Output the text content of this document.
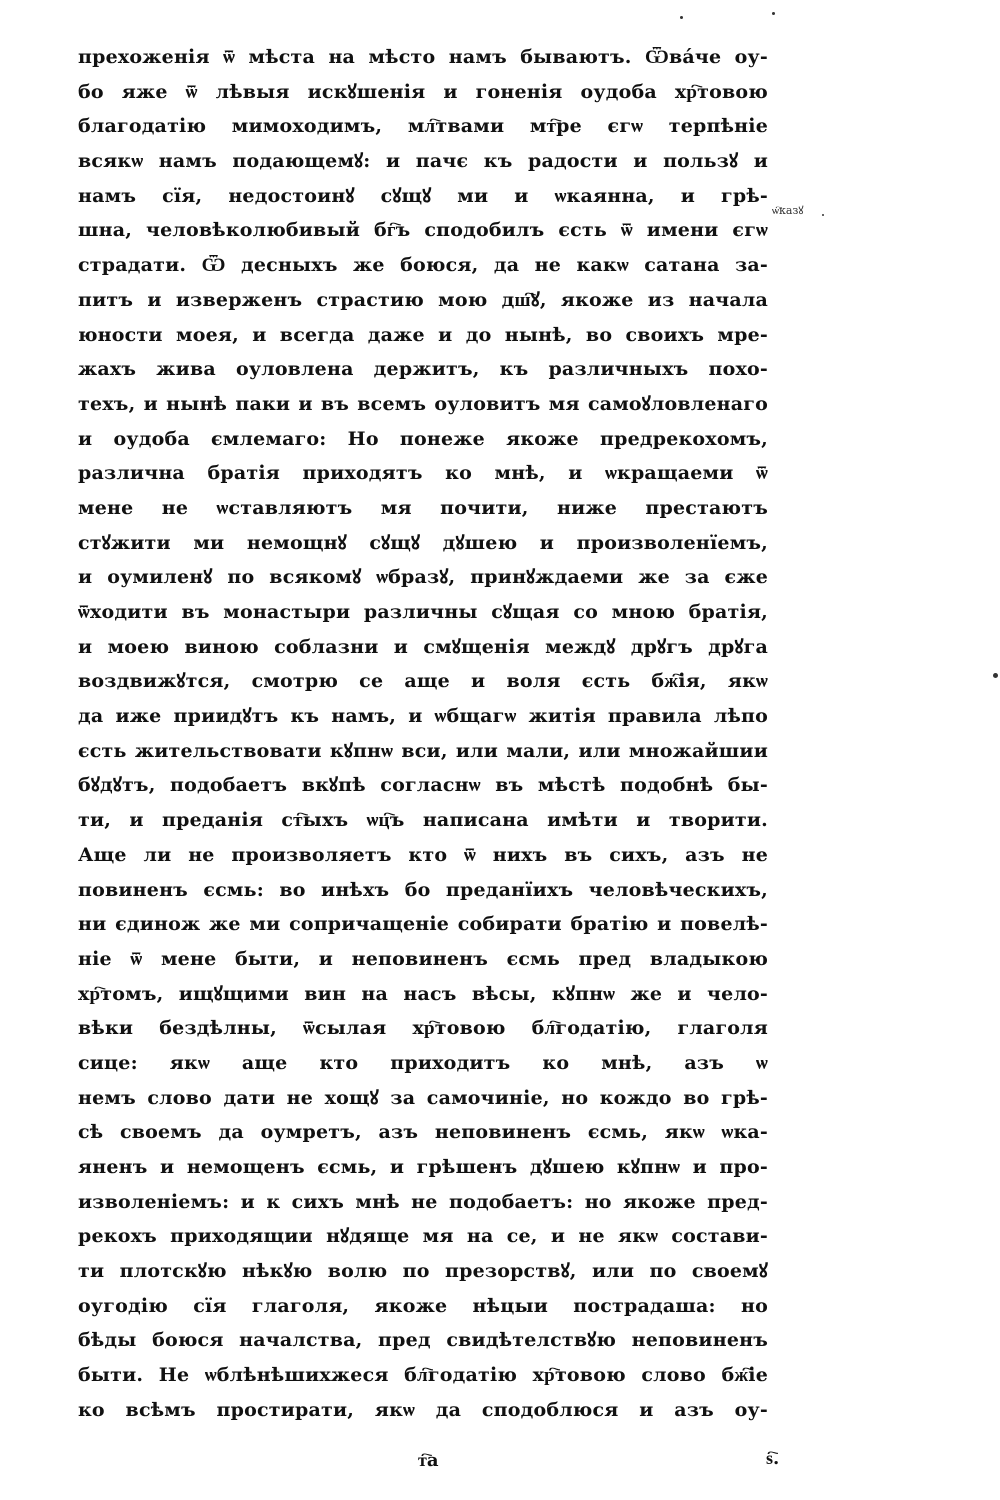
прехоженія ѿ мѣста на мѣсто намъ бываютъ. Ѿвáче оу-
бо яже ѿ лѣвыя искꙋшенія и гоненія оудоба хр҇товою
благодатію мимоходимъ, мл҇твами мт҇ре єгѡ терпѣніе
всякѡ намъ подающемꙋ: и пачє къ радости и пользꙋ и
намъ сїя, недостоинꙋ сꙋщꙋ ми и ѡкаянна, и грѣ-
шна, человѣколюбивый бг҇ъ сподобилъ єсть ѿ имени єгѡ
страдати. Ѿ десныхъ же боюся, да не какѡ сатана за-
питъ и изверженъ страстию мою дш҇ꙋ, якоже из начала
юности моея, и всегда даже и до нынѣ, во своихъ мре-
жахъ жива оуловлена держитъ, къ различныхъ похо-
техъ, и нынѣ паки и въ всемъ оуловитъ мя самоꙋловленаго
и оудоба ємлемаго: Но понеже якоже предрекохомъ,
различна братія приходятъ ко мнѣ, и ѡкращаеми ѿ
мене не ѡставляютъ мя почити, ниже престаютъ
стꙋжити ми немощнꙋ сꙋщꙋ дꙋшею и произволенїемъ,
и оумиленꙋ по всякомꙋ ѡбразꙋ, принꙋждаеми же за єже
ѿходити въ монастыри различны сꙋщая со мною братія,
и моею виною соблазни и смꙋщенія междꙋ дрꙋгъ дрꙋга
воздвижꙋтся, смотрю се аще и воля єсть бж҇ія, якѡ
да иже приидꙋтъ къ намъ, и ѡбщагѡ житія правила лѣпо
єсть жительствовати кꙋпнѡ вси, или мали, или множайшии
бꙋдꙋтъ, подобаетъ вкꙋпѣ согласнѡ въ мѣстѣ подобнѣ бы-
ти, и преданія ст҇ыхъ ѡц҇ъ написана имѣти и творити.
Аще ли не произволяетъ кто ѿ нихъ въ сихъ, азъ не
повиненъ єсмь: во инѣхъ бо преданїихъ человѣческихъ,
ни єдинож же ми сопричащеніе собирати братію и повелѣ-
ніе ѿ мене быти, и неповиненъ єсмь пред владыкою
хр҇томъ, ищꙋщими вин на насъ вѣсы, кꙋпнѡ же и чело-
вѣки бездѣлны, ѿсылая хр҇товою бл҇годатію, глаголя
сице: якѡ аще кто приходитъ ко мнѣ, азъ ѡ
немъ слово дати не хощꙋ за самочиніе, но кождо во грѣ-
сѣ своемъ да оумретъ, азъ неповиненъ єсмь, якѡ ѡка-
яненъ и немощенъ єсмь, и грѣшенъ дꙋшею кꙋпнѡ и про-
изволеніемъ: и к сихъ мнѣ не подобаетъ: но якоже пред-
рекохъ приходящии нꙋдяще мя на се, и не якѡ состави-
ти плотскꙋю нѣкꙋю волю по презорствꙋ, или по своемꙋ
оугодію сїя глаголя, якоже нѣцыи пострадаша: но
бѣды боюся началства, пред свидѣтелствꙋю неповиненъ
быти. Не ѡблѣнѣшихжеся бл҇годатію хр҇товою слово бж҇іе
ко всѣмъ простирати, якѡ да сподоблюся и азъ оу-
ѡ҇казꙋ
т҇а	ѕ҇.
